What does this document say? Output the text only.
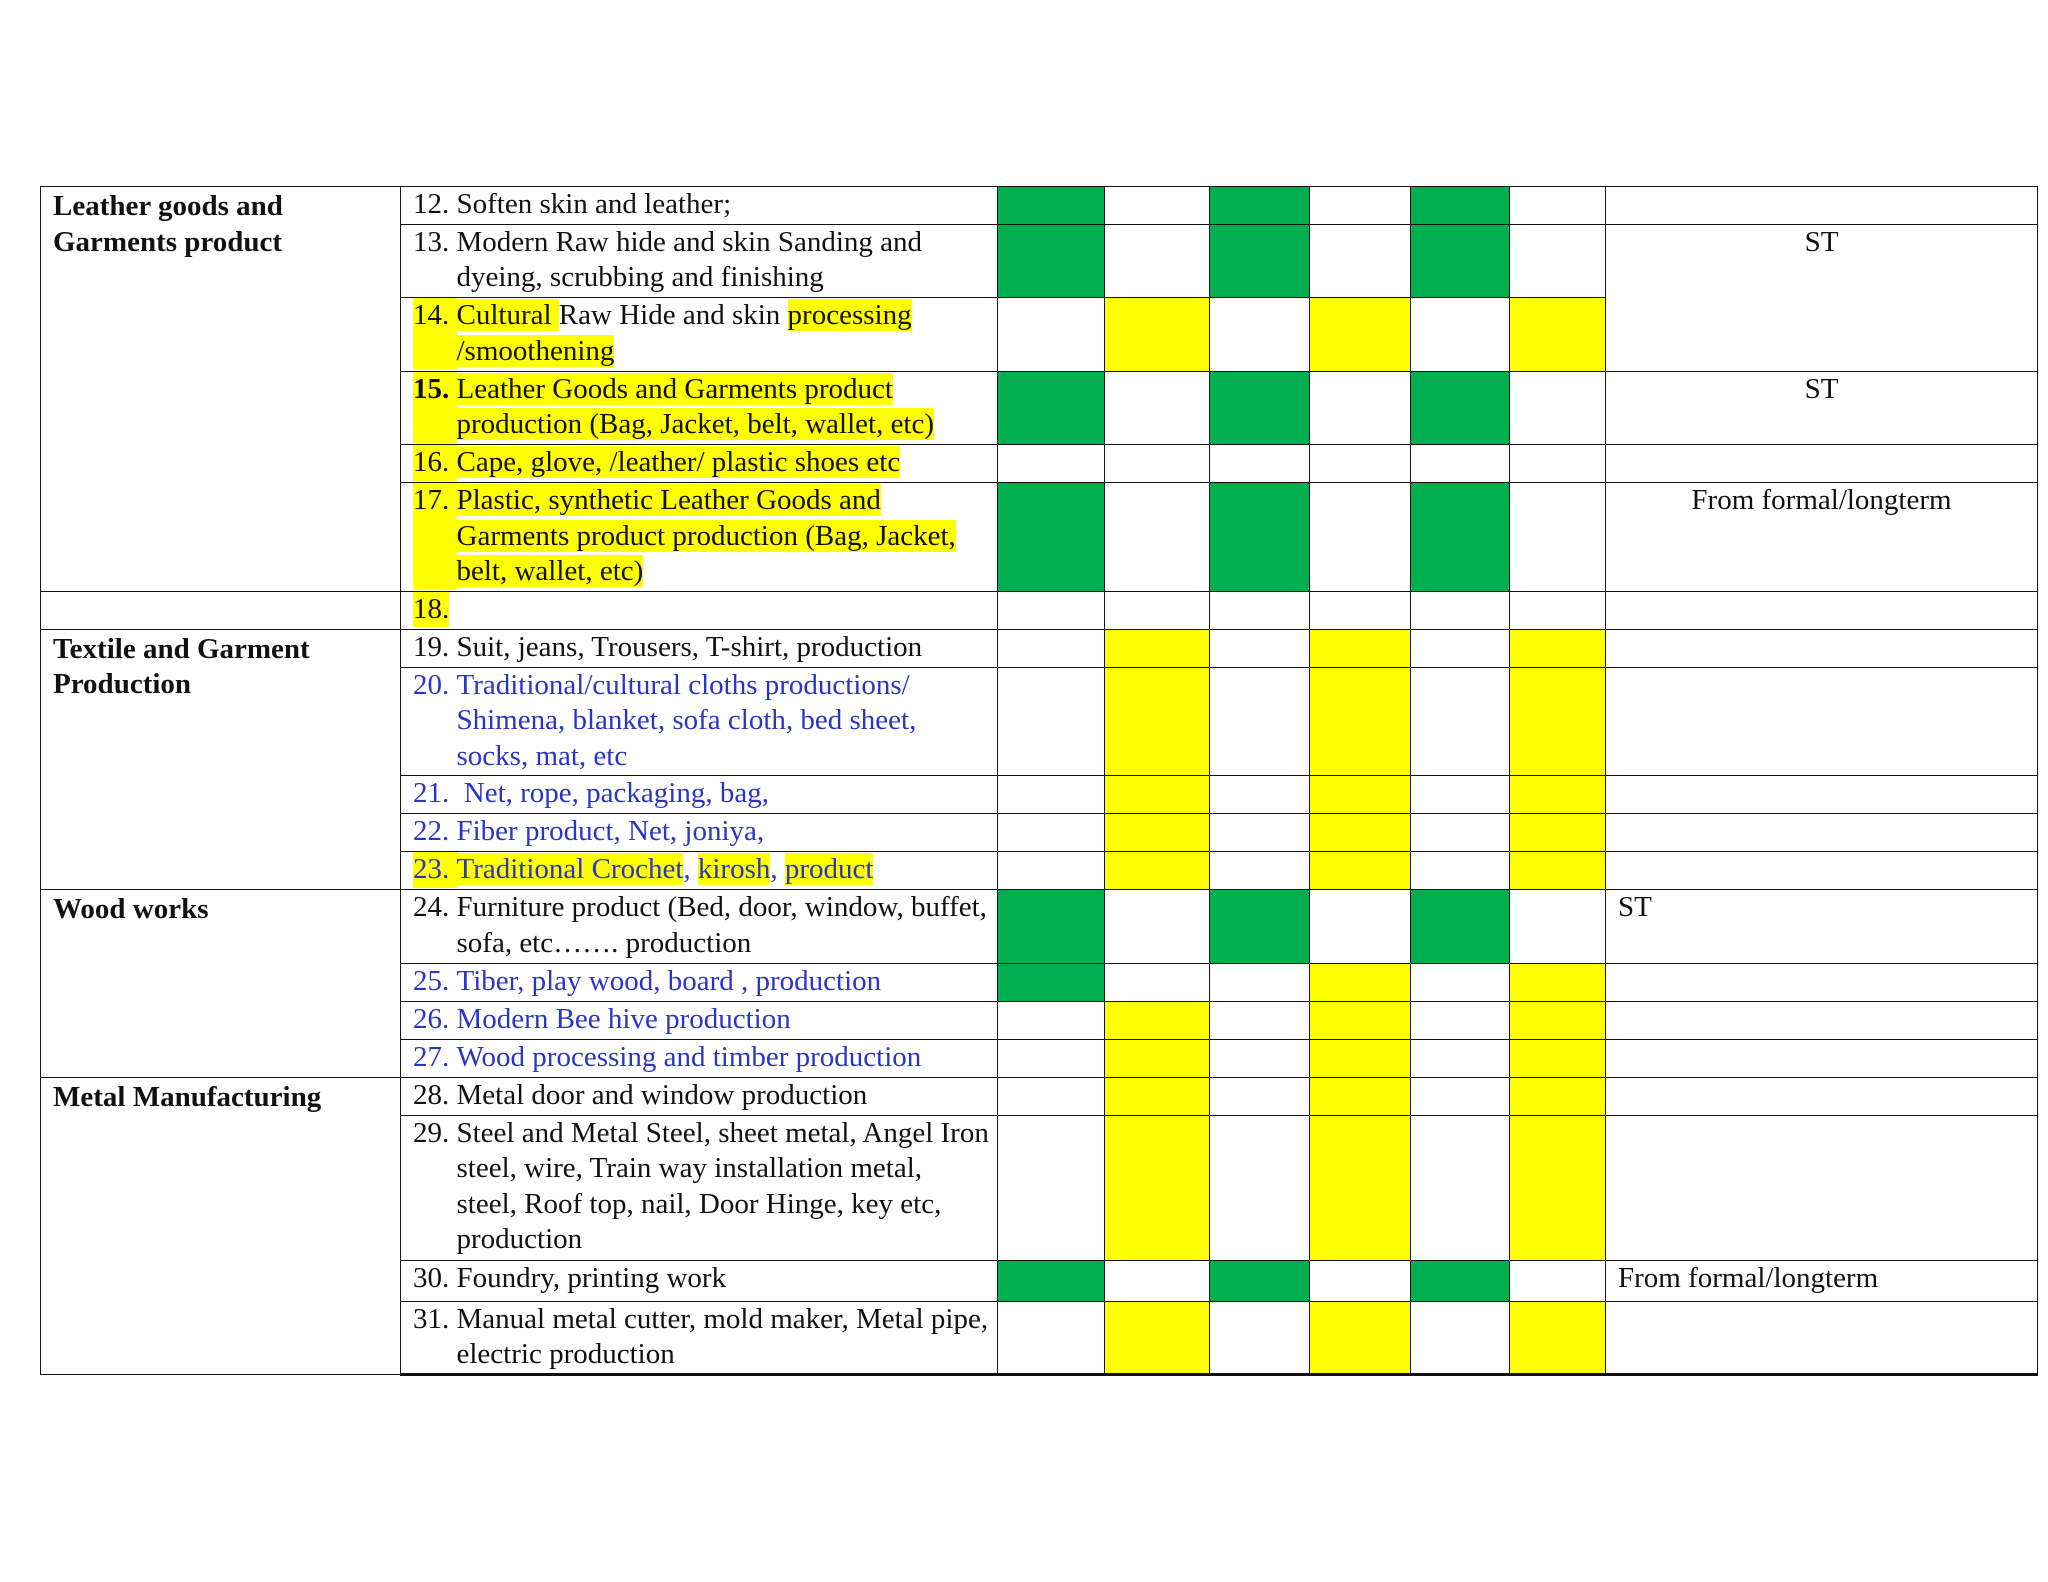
Leather goods and Garments product	12. Soften skin and leather;							

	13. Modern Raw hide and skin Sanding and dyeing, scrubbing and finishing							ST

	14. Cultural Raw Hide and skin processing /smoothening							

	15. Leather Goods and Garments product production (Bag, Jacket, belt, wallet, etc)							ST

	16. Cape, glove, /leather/ plastic shoes etc							

	17. Plastic, synthetic Leather Goods and Garments product production (Bag, Jacket, belt, wallet, etc)							From formal/longterm

	18.							

Textile and Garment Production	19. Suit, jeans, Trousers, T-shirt, production							

	20. Traditional/cultural cloths productions/ Shimena, blanket, sofa cloth, bed sheet, socks, mat, etc							

	21. Net, rope, packaging, bag,							

	22. Fiber product, Net, joniya,							

	23. Traditional Crochet, kirosh, product							

Wood works	24. Furniture product (Bed, door, window, buffet, sofa, etc……. production							ST

	25. Tiber, play wood, board , production							

	26. Modern Bee hive production							

	27. Wood processing and timber production							

Metal Manufacturing	28. Metal door and window production							

	29. Steel and Metal Steel, sheet metal, Angel Iron steel, wire, Train way installation metal, steel, Roof top, nail, Door Hinge, key etc, production							

	30. Foundry, printing work							From formal/longterm

	31. Manual metal cutter, mold maker, Metal pipe, electric production							
